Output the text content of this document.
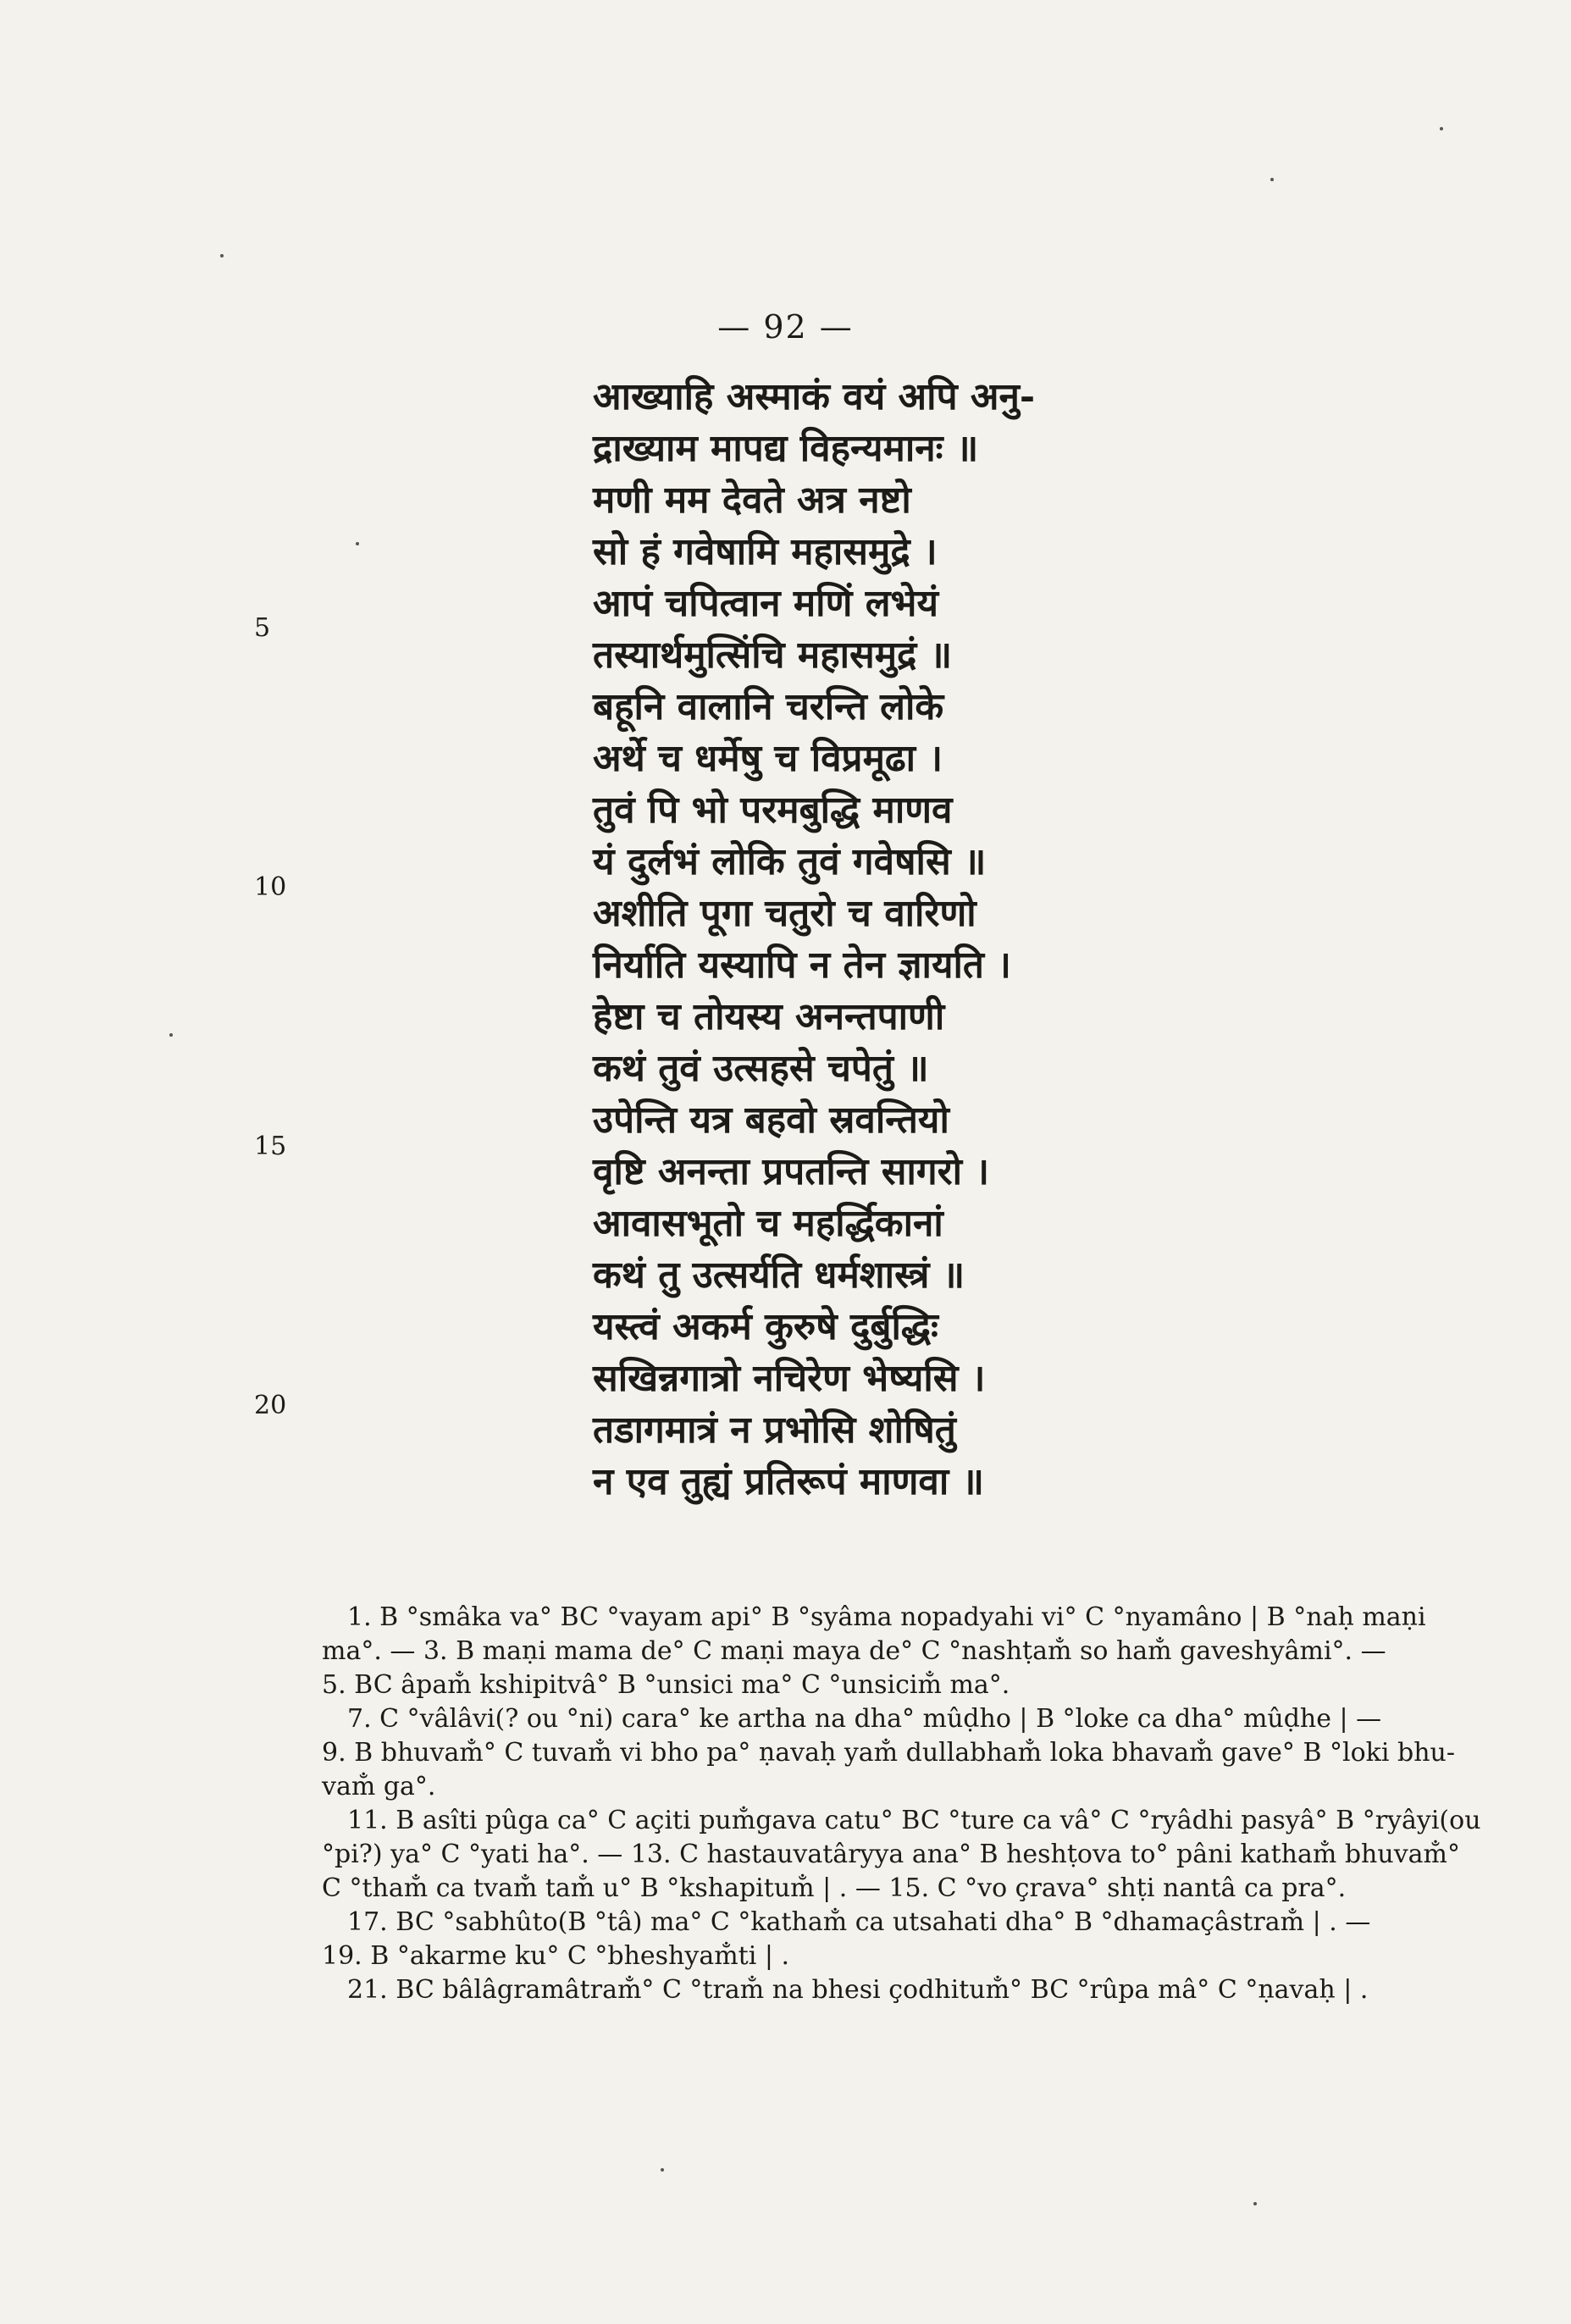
— 92 —
5
10
15
20
आख्याहि अस्माकं वयं अपि अनु-
द्राख्याम मापद्य विहन्यमानः ॥
मणी मम देवते अत्र नष्टो
सो हं गवेषामि महासमुद्रे ।
आपं चपित्वान मणिं लभेयं
तस्यार्थमुत्सिंचि महासमुद्रं ॥
बहूनि वालानि चरन्ति लोके
अर्थे च धर्मेषु च विप्रमूढा ।
तुवं पि भो परमबुद्धि माणव
यं दुर्लभं लोकि तुवं गवेषसि ॥
अशीति पूगा चतुरो च वारिणो
निर्याति यस्यापि न तेन ज्ञायति ।
हेष्टा च तोयस्य अनन्तपाणी
कथं तुवं उत्सहसे चपेतुं ॥
उपेन्ति यत्र बहवो स्रवन्तियो
वृष्टि अनन्ता प्रपतन्ति सागरो ।
आवासभूतो च महर्द्धिकानां
कथं तु उत्सर्यति धर्मशास्त्रं ॥
यस्त्वं अकर्म कुरुषे दुर्बुद्धिः
सखिन्नगात्रो नचिरेण भेष्यसि ।
तडागमात्रं न प्रभोसि शोषितुं
न एव तुह्यं प्रतिरूपं माणवा ॥

1. B °smâka va° BC °vayam api° B °syâma nopadyahi vi° C °nyamâno | B °naḥ maṇi

ma°. — 3. B maṇi mama de° C maṇi maya de° C °nashṭam̐ so ham̐ gaveshyâmi°. —

5. BC âpam̐ kshipitvâ° B °unsici ma° C °unsicim̐ ma°.

7. C °vâlâvi(? ou °ni) cara° ke artha na dha° mûḍho | B °loke ca dha° mûḍhe | —

9. B bhuvam̐° C tuvam̐ vi bho pa° ṇavaḥ yam̐ dullabham̐ loka bhavam̐ gave° B °loki bhu-

vam̐ ga°.

11. B asîti pûga ca° C açiti pum̐gava catu° BC °ture ca vâ° C °ryâdhi pasyâ° B °ryâyi(ou

°pi?) ya° C °yati ha°. — 13. C hastauvatâryya ana° B heshṭova to° pâni katham̐ bhuvam̐°

C °tham̐ ca tvam̐ tam̐ u° B °kshapitum̐ | . — 15. C °vo çrava° shṭi nantâ ca pra°.

17. BC °sabhûto(B °tâ) ma° C °katham̐ ca utsahati dha° B °dhamaçâstram̐ | . —

19. B °akarme ku° C °bheshyam̐ti | .

21. BC bâlâgramâtram̐° C °tram̐ na bhesi çodhitum̐° BC °rûpa mâ° C °ṇavaḥ | .
